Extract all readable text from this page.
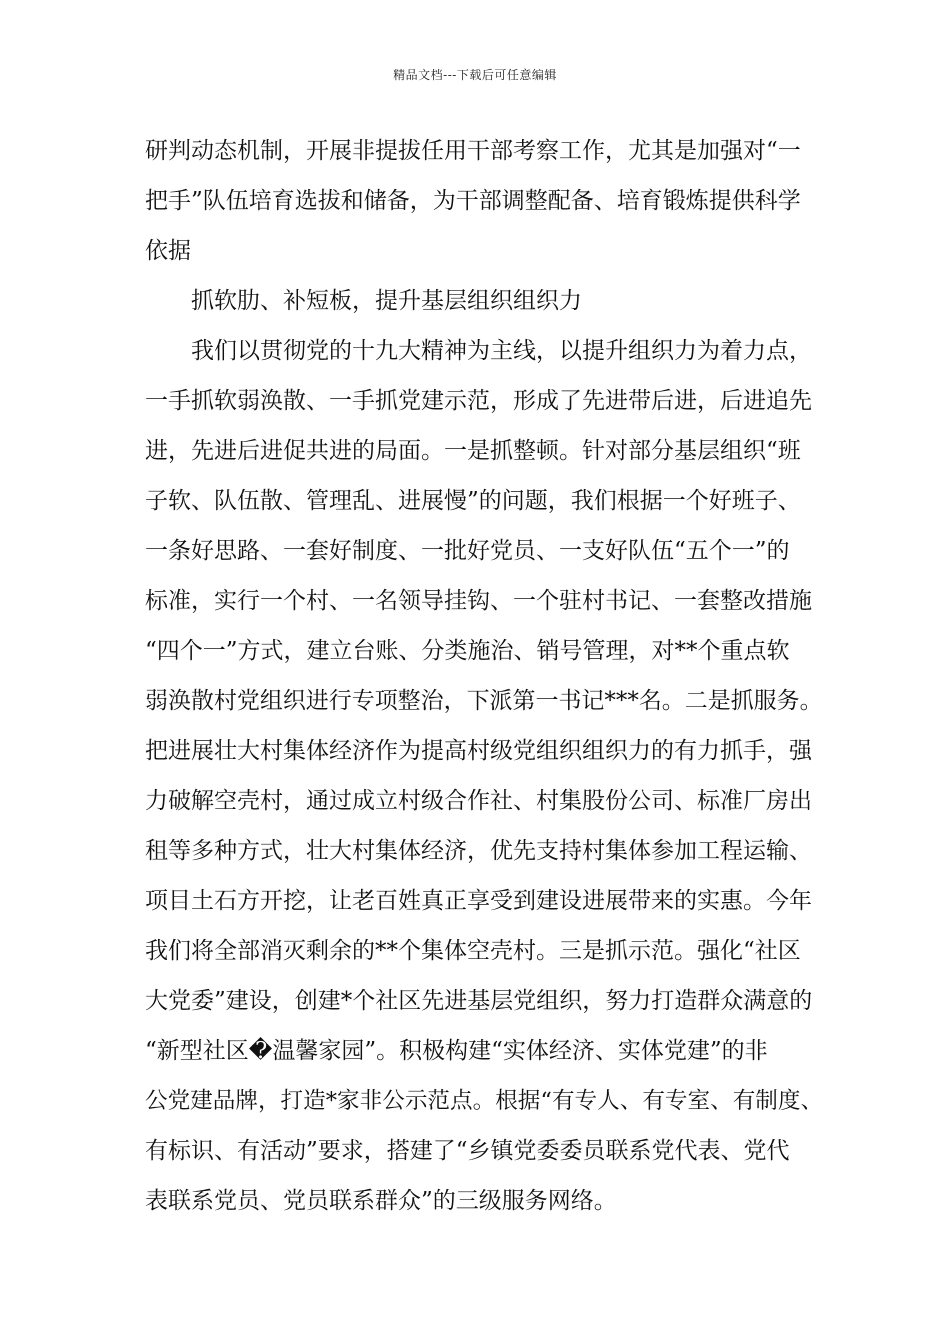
精品文档---下载后可任意编辑
研判动态机制，开展非提拔任用干部考察工作，尤其是加强对“一
把手”队伍培育选拔和储备，为干部调整配备、培育锻炼提供科学
依据
抓软肋、补短板，提升基层组织组织力
我们以贯彻党的十九大精神为主线，以提升组织力为着力点，
一手抓软弱涣散、一手抓党建示范，形成了先进带后进，后进追先
进，先进后进促共进的局面。一是抓整顿。针对部分基层组织“班
子软、队伍散、管理乱、进展慢”的问题，我们根据一个好班子、
一条好思路、一套好制度、一批好党员、一支好队伍“五个一”的
标准，实行一个村、一名领导挂钩、一个驻村书记、一套整改措施
“四个一”方式，建立台账、分类施治、销号管理，对**个重点软
弱涣散村党组织进行专项整治，下派第一书记***名。二是抓服务。
把进展壮大村集体经济作为提高村级党组织组织力的有力抓手，强
力破解空壳村，通过成立村级合作社、村集股份公司、标准厂房出
租等多种方式，壮大村集体经济，优先支持村集体参加工程运输、
项目土石方开挖，让老百姓真正享受到建设进展带来的实惠。今年
我们将全部消灭剩余的**个集体空壳村。三是抓示范。强化“社区
大党委”建设，创建*个社区先进基层党组织，努力打造群众满意的
“新型社区�温馨家园”。积极构建“实体经济、实体党建”的非
公党建品牌，打造*家非公示范点。根据“有专人、有专室、有制度、
有标识、有活动”要求，搭建了“乡镇党委委员联系党代表、党代
表联系党员、党员联系群众”的三级服务网络。
